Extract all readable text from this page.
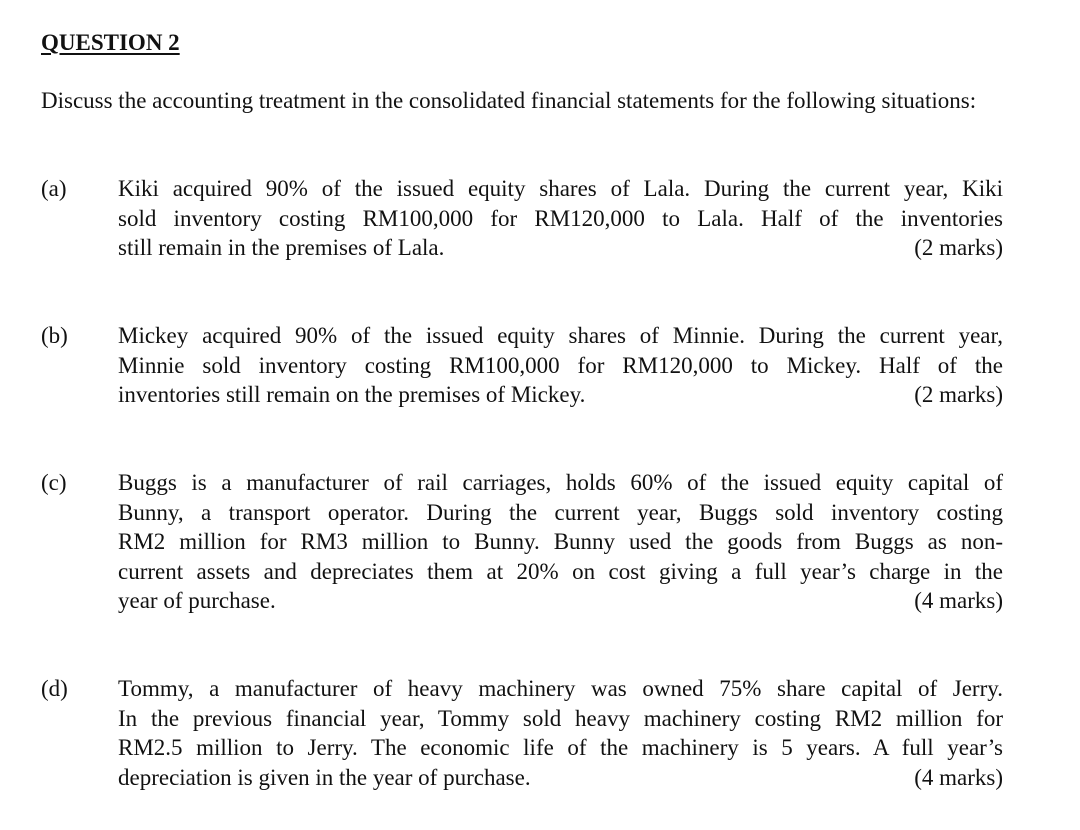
QUESTION 2

Discuss the accounting treatment in the consolidated financial statements for the following situations:

(a) Kiki acquired 90% of the issued equity shares of Lala. During the current year, Kiki
sold inventory costing RM100,000 for RM120,000 to Lala. Half of the inventories
still remain in the premises of Lala.	(2 marks)
(b) Mickey acquired 90% of the issued equity shares of Minnie. During the current year,
Minnie sold inventory costing RM100,000 for RM120,000 to Mickey. Half of the
inventories still remain on the premises of Mickey.	(2 marks)
(c) Buggs is a manufacturer of rail carriages, holds 60% of the issued equity capital of
Bunny, a transport operator. During the current year, Buggs sold inventory costing
RM2 million for RM3 million to Bunny. Bunny used the goods from Buggs as non-
current assets and depreciates them at 20% on cost giving a full year’s charge in the
year of purchase.	(4 marks)
(d) Tommy, a manufacturer of heavy machinery was owned 75% share capital of Jerry.
In the previous financial year, Tommy sold heavy machinery costing RM2 million for
RM2.5 million to Jerry. The economic life of the machinery is 5 years. A full year’s
depreciation is given in the year of purchase.	(4 marks)
